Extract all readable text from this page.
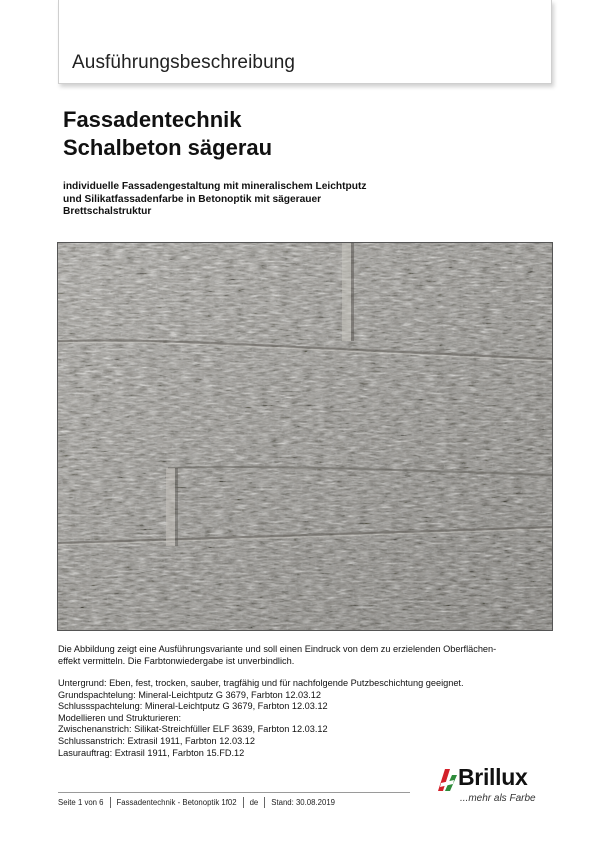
Ausführungsbeschreibung
Fassadentechnik
Schalbeton sägerau
individuelle Fassadengestaltung mit mineralischem Leichtputz
und Silikatfassadenfarbe in Betonoptik mit sägerauer
Brettschalstruktur
Die Abbildung zeigt eine Ausführungsvariante und soll einen Eindruck von dem zu erzielenden Oberflächen-
effekt vermitteln. Die Farbtonwiedergabe ist unverbindlich.
Untergrund: Eben, fest, trocken, sauber, tragfähig und für nachfolgende Putzbeschichtung geeignet.
Grundspachtelung: Mineral-Leichtputz G 3679, Farbton 12.03.12
Schlussspachtelung: Mineral-Leichtputz G 3679, Farbton 12.03.12
Modellieren und Strukturieren:
Zwischenanstrich: Silikat-Streichfüller ELF 3639, Farbton 12.03.12
Schlussanstrich: Extrasil 1911, Farbton 12.03.12
Lasurauftrag: Extrasil 1911, Farbton 15.FD.12
Brillux
...mehr als Farbe
Seite 1 von 6 Fassadentechnik - Betonoptik 1f02 de Stand: 30.08.2019
